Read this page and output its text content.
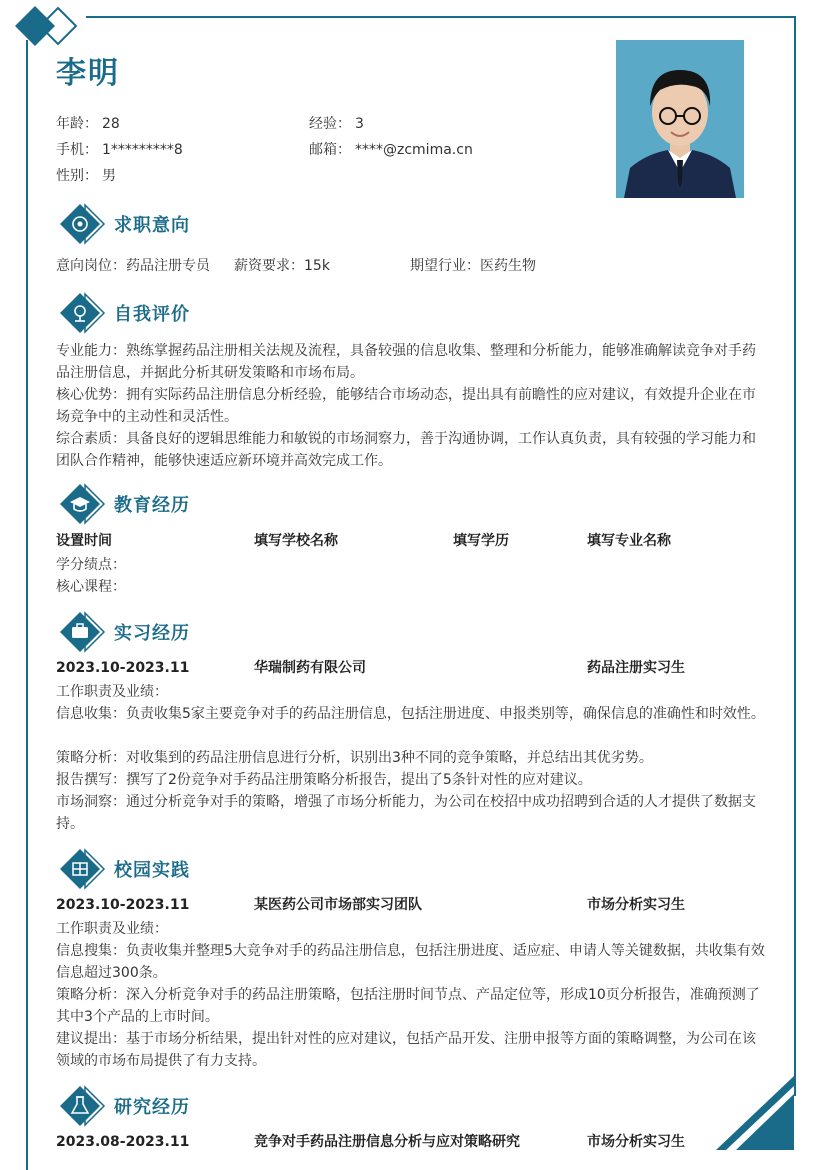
李明
年龄： 28	经验： 3
手机： 1*********8	邮箱： ****@zcmima.cn
性别： 男
求职意向
意向岗位：药品注册专员 薪资要求：15k	期望行业：医药生物
自我评价
专业能力：熟练掌握药品注册相关法规及流程，具备较强的信息收集、整理和分析能力，能够准确解读竞争对手药品注册信息，并据此分析其研发策略和市场布局。
核心优势：拥有实际药品注册信息分析经验，能够结合市场动态，提出具有前瞻性的应对建议，有效提升企业在市场竞争中的主动性和灵活性。
综合素质：具备良好的逻辑思维能力和敏锐的市场洞察力，善于沟通协调，工作认真负责，具有较强的学习能力和团队合作精神，能够快速适应新环境并高效完成工作。
教育经历
设置时间	填写学校名称	填写学历	填写专业名称
学分绩点：
核心课程：
实习经历
2023.10-2023.11	华瑞制药有限公司	药品注册实习生
工作职责及业绩：
信息收集：负责收集5家主要竞争对手的药品注册信息，包括注册进度、申报类别等，确保信息的准确性和时效性。
策略分析：对收集到的药品注册信息进行分析，识别出3种不同的竞争策略，并总结出其优劣势。
报告撰写：撰写了2份竞争对手药品注册策略分析报告，提出了5条针对性的应对建议。
市场洞察：通过分析竞争对手的策略，增强了市场分析能力，为公司在校招中成功招聘到合适的人才提供了数据支持。
校园实践
2023.10-2023.11	某医药公司市场部实习团队	市场分析实习生
工作职责及业绩：
信息搜集：负责收集并整理5大竞争对手的药品注册信息，包括注册进度、适应症、申请人等关键数据，共收集有效信息超过300条。
策略分析：深入分析竞争对手的药品注册策略，包括注册时间节点、产品定位等，形成10页分析报告，准确预测了其中3个产品的上市时间。
建议提出：基于市场分析结果，提出针对性的应对建议，包括产品开发、注册申报等方面的策略调整，为公司在该领域的市场布局提供了有力支持。
研究经历
2023.08-2023.11	竞争对手药品注册信息分析与应对策略研究	市场分析实习生
